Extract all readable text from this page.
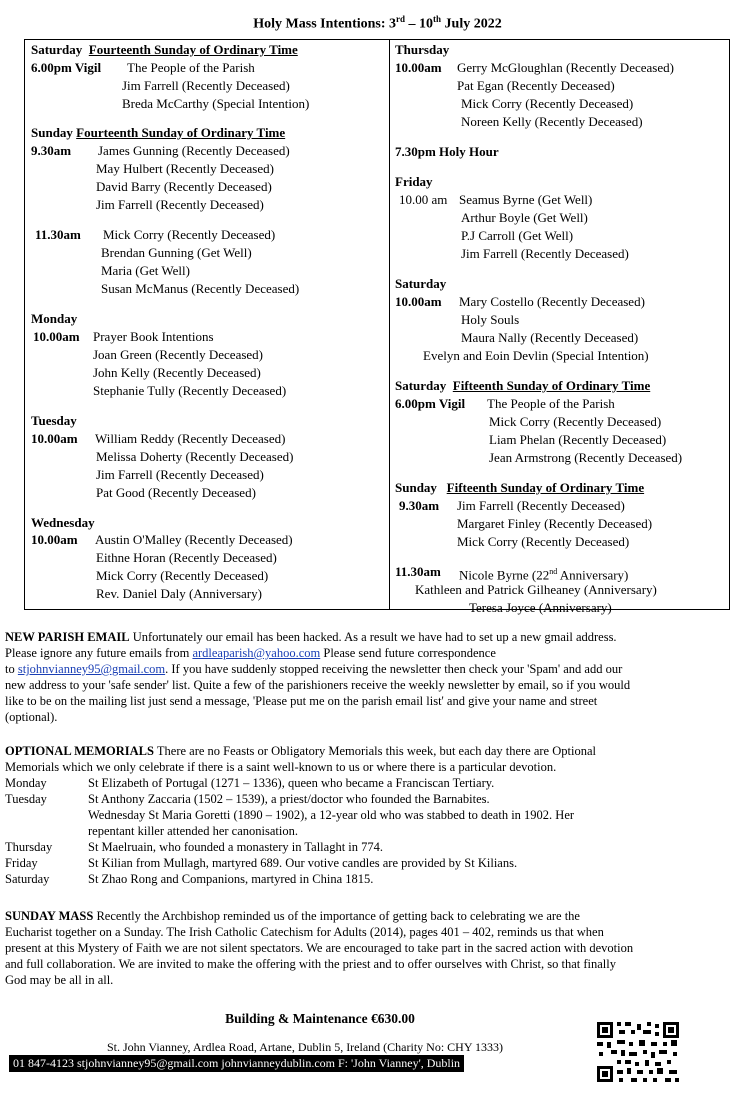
Holy Mass Intentions: 3rd – 10th July 2022
Saturday Fourteenth Sunday of Ordinary Time
6.00pm Vigil The People of the Parish
Jim Farrell (Recently Deceased)
Breda McCarthy (Special Intention)
Sunday Fourteenth Sunday of Ordinary Time
9.30am James Gunning (Recently Deceased)
May Hulbert (Recently Deceased)
David Barry (Recently Deceased)
Jim Farrell (Recently Deceased)
11.30am Mick Corry (Recently Deceased)
Brendan Gunning (Get Well)
Maria (Get Well)
Susan McManus (Recently Deceased)
Monday
10.00am Prayer Book Intentions
Joan Green (Recently Deceased)
John Kelly (Recently Deceased)
Stephanie Tully (Recently Deceased)
Tuesday
10.00am William Reddy (Recently Deceased)
Melissa Doherty (Recently Deceased)
Jim Farrell (Recently Deceased)
Pat Good (Recently Deceased)
Wednesday
10.00am Austin O'Malley (Recently Deceased)
Eithne Horan (Recently Deceased)
Mick Corry (Recently Deceased)
Rev. Daniel Daly (Anniversary)
Thursday
10.00am Gerry McGloughlan (Recently Deceased)
Pat Egan (Recently Deceased)
Mick Corry (Recently Deceased)
Noreen Kelly (Recently Deceased)
7.30pm Holy Hour
Friday
10.00 am Seamus Byrne (Get Well)
Arthur Boyle (Get Well)
P.J Carroll (Get Well)
Jim Farrell (Recently Deceased)
Saturday
10.00am Mary Costello (Recently Deceased)
Holy Souls
Maura Nally (Recently Deceased)
Evelyn and Eoin Devlin (Special Intention)
Saturday Fifteenth Sunday of Ordinary Time
6.00pm Vigil The People of the Parish
Mick Corry (Recently Deceased)
Liam Phelan (Recently Deceased)
Jean Armstrong (Recently Deceased)
Sunday Fifteenth Sunday of Ordinary Time
9.30am Jim Farrell (Recently Deceased)
Margaret Finley (Recently Deceased)
Mick Corry (Recently Deceased)
11.30am Nicole Byrne (22nd Anniversary)
Kathleen and Patrick Gilheaney (Anniversary)
Teresa Joyce (Anniversary)
NEW PARISH EMAIL Unfortunately our email has been hacked. As a result we have had to set up a new gmail address.
Please ignore any future emails from ardleaparish@yahoo.com Please send future correspondence
to stjohnvianney95@gmail.com. If you have suddenly stopped receiving the newsletter then check your 'Spam' and add our
new address to your 'safe sender' list. Quite a few of the parishioners receive the weekly newsletter by email, so if you would
like to be on the mailing list just send a message, 'Please put me on the parish email list' and give your name and street
(optional).
OPTIONAL MEMORIALS There are no Feasts or Obligatory Memorials this week, but each day there are Optional
Memorials which we only celebrate if there is a saint well-known to us or where there is a particular devotion.
Monday	St Elizabeth of Portugal (1271 – 1336), queen who became a Franciscan Tertiary.
Tuesday	St Anthony Zaccaria (1502 – 1539), a priest/doctor who founded the Barnabites.
Wednesday St Maria Goretti (1890 – 1902), a 12-year old who was stabbed to death in 1902. Her
repentant killer attended her canonisation.
Thursday	St Maelruain, who founded a monastery in Tallaght in 774.
Friday	St Kilian from Mullagh, martyred 689. Our votive candles are provided by St Kilians.
Saturday	St Zhao Rong and Companions, martyred in China 1815.
SUNDAY MASS Recently the Archbishop reminded us of the importance of getting back to celebrating we are the
Eucharist together on a Sunday. The Irish Catholic Catechism for Adults (2014), pages 401 – 402, reminds us that when
present at this Mystery of Faith we are not silent spectators. We are encouraged to take part in the sacred action with devotion
and full collaboration. We are invited to make the offering with the priest and to offer ourselves with Christ, so that finally
God may be all in all.
Building & Maintenance €630.00
St. John Vianney, Ardlea Road, Artane, Dublin 5, Ireland (Charity No: CHY 1333)
01 847-4123 stjohnvianney95@gmail.com johnvianneydublin.com F: 'John Vianney', Dublin
